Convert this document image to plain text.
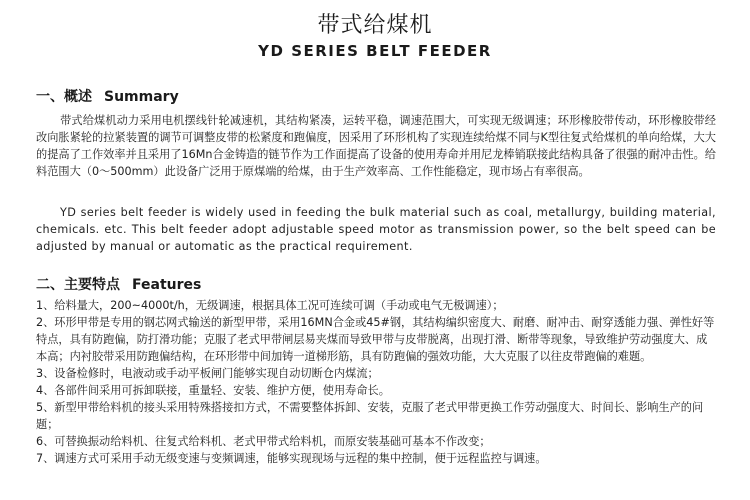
带式给煤机
YD SERIES BELT FEEDER
一、概述 Summary
带式给煤机动力采用电机摆线针轮减速机，其结构紧凑，运转平稳，调速范围大，可实现无级调速；环形橡胶带传动，环形橡胶带经改向胀紧轮的拉紧装置的调节可调整皮带的松紧度和跑偏度，因采用了环形机构了实现连续给煤不同与K型往复式给煤机的单向给煤，大大的提高了工作效率并且采用了16Mn合金铸造的链节作为工作面提高了设备的使用寿命并用尼龙棒销联接此结构具备了很强的耐冲击性。给料范围大（0～500mm）此设备广泛用于原煤端的给煤，由于生产效率高、工作性能稳定，现市场占有率很高。
YD series belt feeder is widely used in feeding the bulk material such as coal, metallurgy, building material, chemicals. etc. This belt feeder adopt adjustable speed motor as transmission power, so the belt speed can be adjusted by manual or automatic as the practical requirement.
二、主要特点 Features
1、给料量大，200~4000t/h，无级调速，根据具体工况可连续可调（手动或电气无极调速）；
2、环形甲带是专用的钢芯网式输送的新型甲带，采用16MN合金或45#钢，其结构编织密度大、耐磨、耐冲击、耐穿透能力强、弹性好等特点，具有防跑偏，防打滑功能；克服了老式甲带闸层易夹煤而导致甲带与皮带脱离，出现打滑、断带等现象，导致维护劳动强度大、成本高；内衬胶带采用防跑偏结构，在环形带中间加铸一道梯形筋，具有防跑偏的强效功能，大大克服了以往皮带跑偏的难题。
3、设备检修时，电液动或手动平板闸门能够实现自动切断仓内煤流；
4、各部件间采用可拆卸联接，重量轻、安装、维护方便，使用寿命长。
5、新型甲带给料机的接头采用特殊搭接扣方式，不需要整体拆卸、安装，克服了老式甲带更换工作劳动强度大、时间长、影响生产的问题；
6、可替换振动给料机、往复式给料机、老式甲带式给料机，而原安装基础可基本不作改变；
7、调速方式可采用手动无级变速与变频调速，能够实现现场与远程的集中控制，便于远程监控与调速。
